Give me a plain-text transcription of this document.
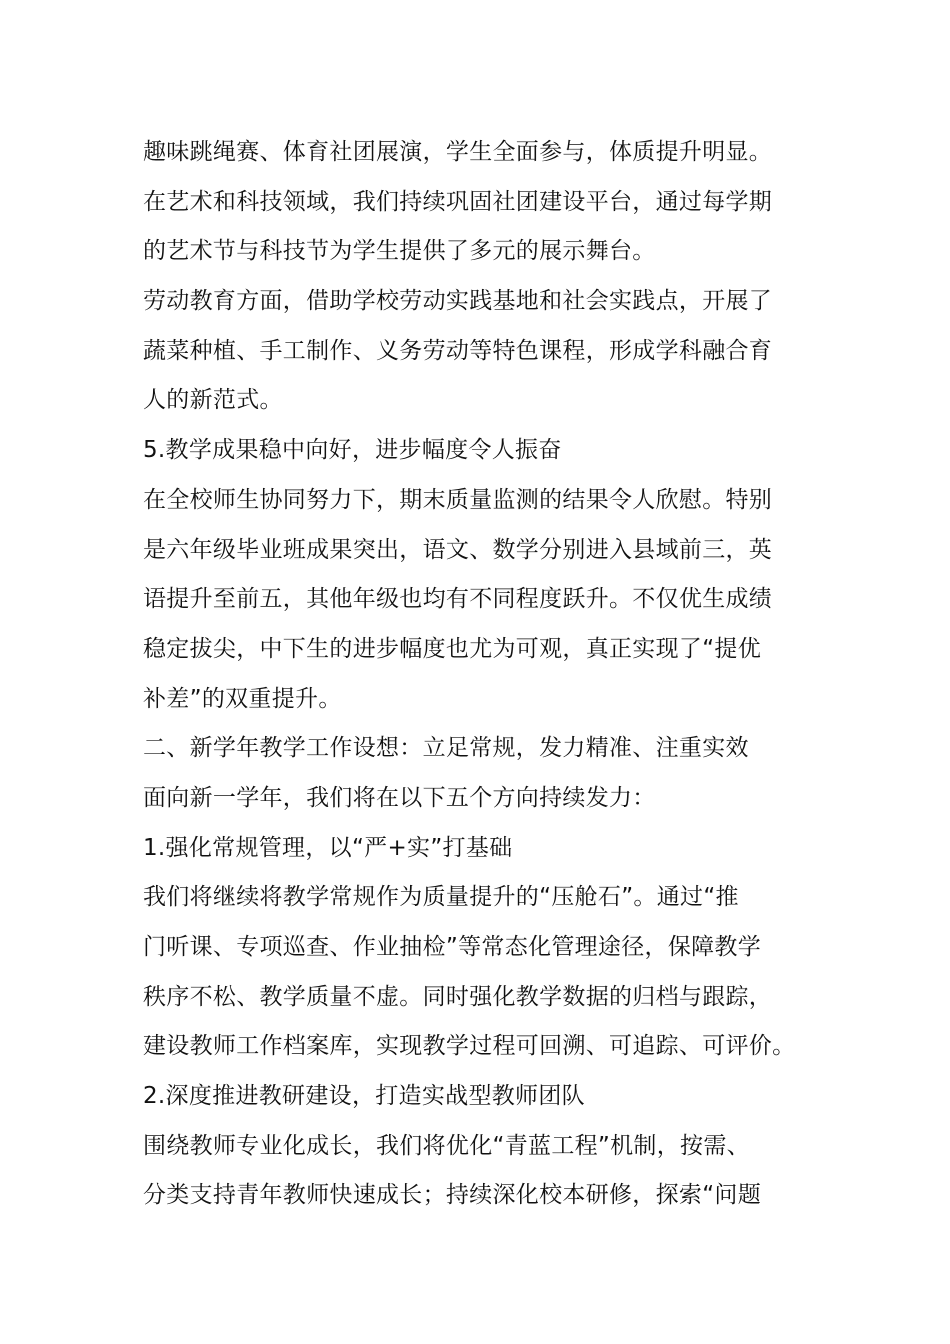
趣味跳绳赛、体育社团展演，学生全面参与，体质提升明显。
在艺术和科技领域，我们持续巩固社团建设平台，通过每学期
的艺术节与科技节为学生提供了多元的展示舞台。
劳动教育方面，借助学校劳动实践基地和社会实践点，开展了
蔬菜种植、手工制作、义务劳动等特色课程，形成学科融合育
人的新范式。
5.教学成果稳中向好，进步幅度令人振奋
在全校师生协同努力下，期末质量监测的结果令人欣慰。特别
是六年级毕业班成果突出，语文、数学分别进入县域前三，英
语提升至前五，其他年级也均有不同程度跃升。不仅优生成绩
稳定拔尖，中下生的进步幅度也尤为可观，真正实现了“提优
补差”的双重提升。
二、新学年教学工作设想：立足常规，发力精准、注重实效
面向新一学年，我们将在以下五个方向持续发力：
1.强化常规管理，以“严+实”打基础
我们将继续将教学常规作为质量提升的“压舱石”。通过“推
门听课、专项巡查、作业抽检”等常态化管理途径，保障教学
秩序不松、教学质量不虚。同时强化教学数据的归档与跟踪，
建设教师工作档案库，实现教学过程可回溯、可追踪、可评价。
2.深度推进教研建设，打造实战型教师团队
围绕教师专业化成长，我们将优化“青蓝工程”机制，按需、
分类支持青年教师快速成长；持续深化校本研修，探索“问题
